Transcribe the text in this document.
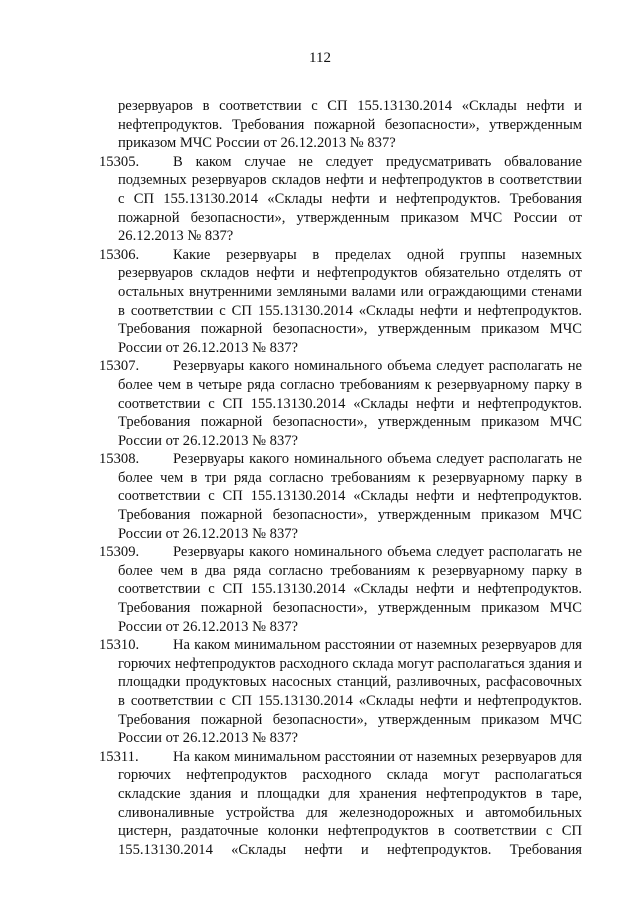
112

резервуаров в соответствии с СП 155.13130.2014 «Склады нефти и нефтепродуктов. Требования пожарной безопасности», утвержденным приказом МЧС России от 26.12.2013 № 837?

15305.	В каком случае не следует предусматривать обвалование подземных резервуаров складов нефти и нефтепродуктов в соответствии с СП 155.13130.2014 «Склады нефти и нефтепродуктов. Требования пожарной безопасности», утвержденным приказом МЧС России от 26.12.2013 № 837?

15306.	Какие резервуары в пределах одной группы наземных резервуаров складов нефти и нефтепродуктов обязательно отделять от остальных внутренними земляными валами или ограждающими стенами в соответствии с СП 155.13130.2014 «Склады нефти и нефтепродуктов. Требования пожарной безопасности», утвержденным приказом МЧС России от 26.12.2013 № 837?

15307.	Резервуары какого номинального объема следует располагать не более чем в четыре ряда согласно требованиям к резервуарному парку в соответствии с СП 155.13130.2014 «Склады нефти и нефтепродуктов. Требования пожарной безопасности», утвержденным приказом МЧС России от 26.12.2013 № 837?

15308.	Резервуары какого номинального объема следует располагать не более чем в три ряда согласно требованиям к резервуарному парку в соответствии с СП 155.13130.2014 «Склады нефти и нефтепродуктов. Требования пожарной безопасности», утвержденным приказом МЧС России от 26.12.2013 № 837?

15309.	Резервуары какого номинального объема следует располагать не более чем в два ряда согласно требованиям к резервуарному парку в соответствии с СП 155.13130.2014 «Склады нефти и нефтепродуктов. Требования пожарной безопасности», утвержденным приказом МЧС России от 26.12.2013 № 837?

15310.	На каком минимальном расстоянии от наземных резервуаров для горючих нефтепродуктов расходного склада могут располагаться здания и площадки продуктовых насосных станций, разливочных, расфасовочных в соответствии с СП 155.13130.2014 «Склады нефти и нефтепродуктов. Требования пожарной безопасности», утвержденным приказом МЧС России от 26.12.2013 № 837?

15311.	На каком минимальном расстоянии от наземных резервуаров для горючих нефтепродуктов расходного склада могут располагаться складские здания и площадки для хранения нефтепродуктов в таре, сливоналивные устройства для железнодорожных и автомобильных цистерн, раздаточные колонки нефтепродуктов в соответствии с СП 155.13130.2014 «Склады нефти и нефтепродуктов. Требования
